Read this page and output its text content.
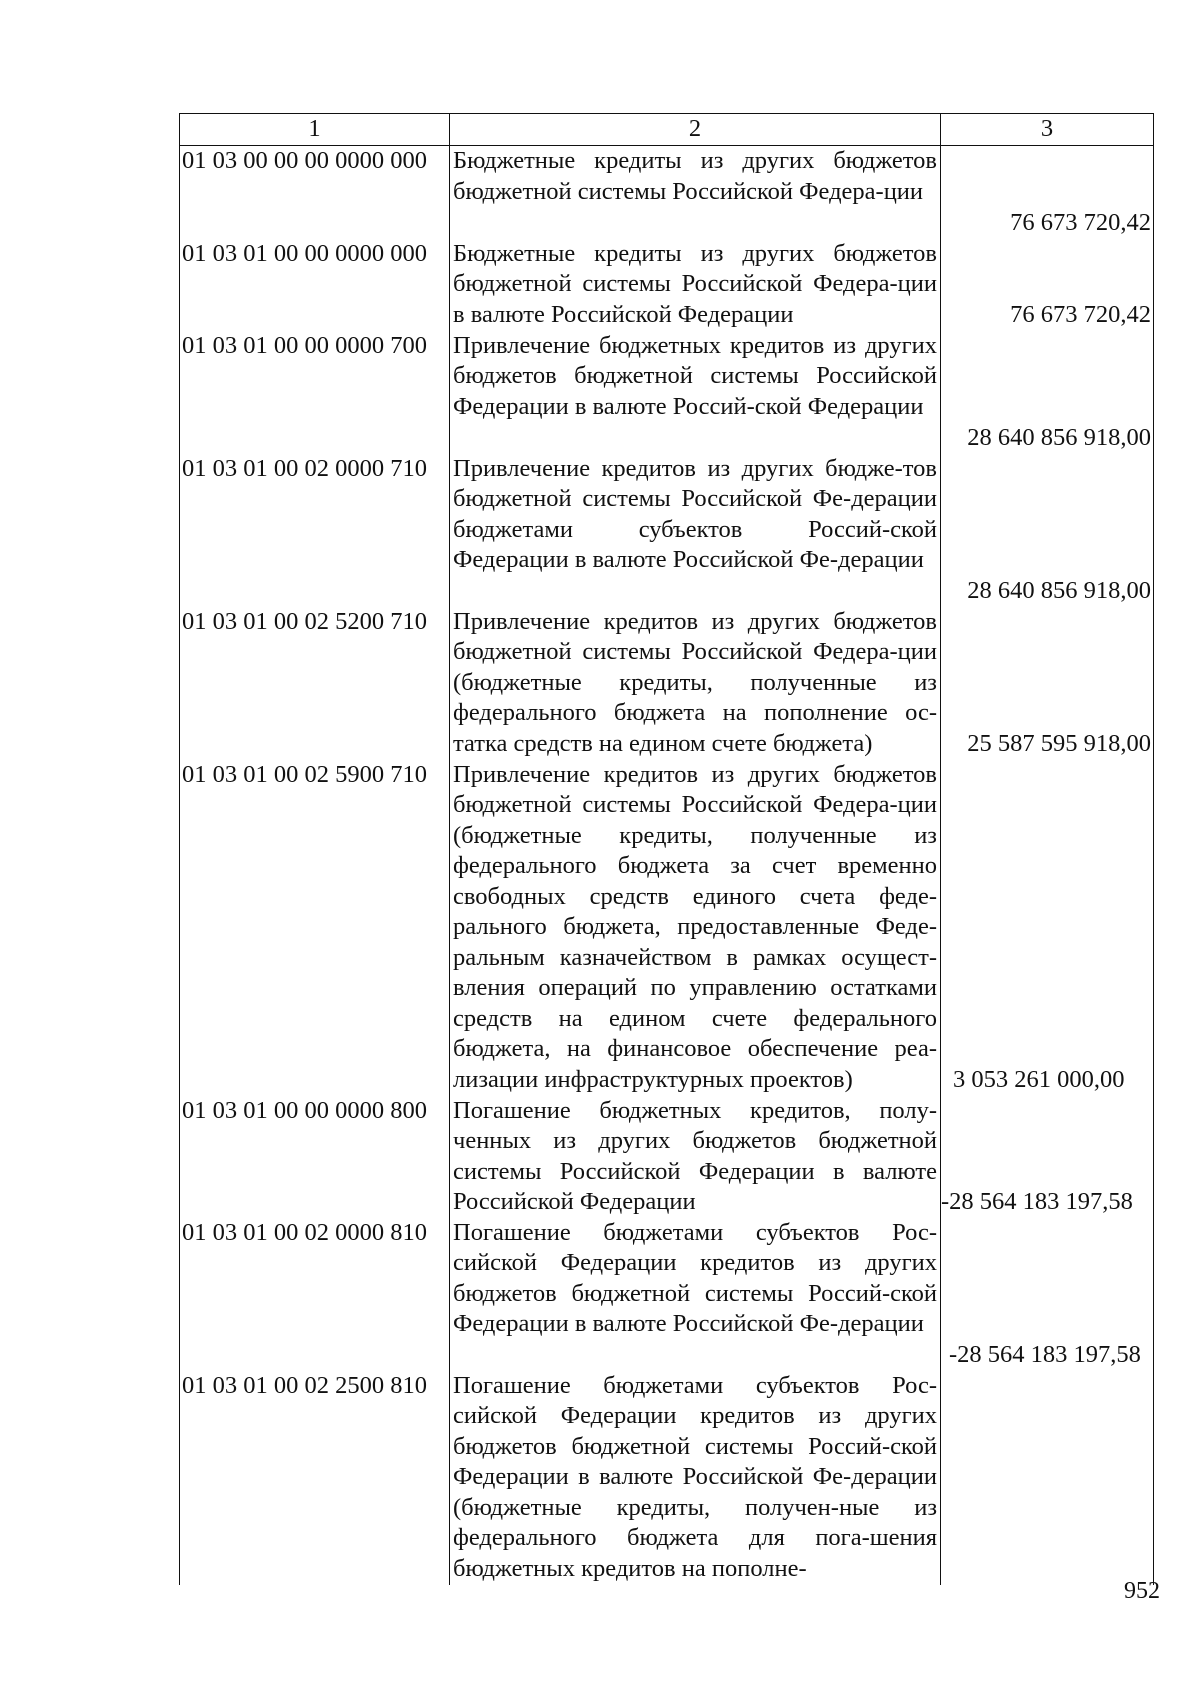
1	2	3
01 03 00 00 00 0000 000	Бюджетные кредиты из других бюджетов бюджетной системы Российской Федера-ции	76 673 720,42
01 03 01 00 00 0000 000	Бюджетные кредиты из других бюджетов бюджетной системы Российской Федера-ции в валюте Российской Федерации	76 673 720,42
01 03 01 00 00 0000 700	Привлечение бюджетных кредитов из других бюджетов бюджетной системы Российской Федерации в валюте Россий-ской Федерации	28 640 856 918,00
01 03 01 00 02 0000 710	Привлечение кредитов из других бюдже-тов бюджетной системы Российской Фе-дерации бюджетами субъектов Россий-ской Федерации в валюте Российской Фе-дерации	28 640 856 918,00
01 03 01 00 02 5200 710	Привлечение кредитов из других бюджетов бюджетной системы Российской Федера-ции (бюджетные кредиты, полученные из федерального бюджета на пополнение ос-татка средств на едином счете бюджета)	25 587 595 918,00
01 03 01 00 02 5900 710	Привлечение кредитов из других бюджетов бюджетной системы Российской Федера-ции (бюджетные кредиты, полученные из федерального бюджета за счет временно свободных средств единого счета феде-рального бюджета, предоставленные Феде-ральным казначейством в рамках осущест-вления операций по управлению остатками средств на едином счете федерального бюджета, на финансовое обеспечение реа-лизации инфраструктурных проектов)	3 053 261 000,00
01 03 01 00 00 0000 800	Погашение бюджетных кредитов, полу-ченных из других бюджетов бюджетной системы Российской Федерации в валюте Российской Федерации	-28 564 183 197,58
01 03 01 00 02 0000 810	Погашение бюджетами субъектов Рос-сийской Федерации кредитов из других бюджетов бюджетной системы Россий-ской Федерации в валюте Российской Фе-дерации	-28 564 183 197,58
01 03 01 00 02 2500 810	Погашение бюджетами субъектов Рос-сийской Федерации кредитов из других бюджетов бюджетной системы Россий-ской Федерации в валюте Российской Фе-дерации (бюджетные кредиты, получен-ные из федерального бюджета для пога-шения бюджетных кредитов на пополне-	
952
